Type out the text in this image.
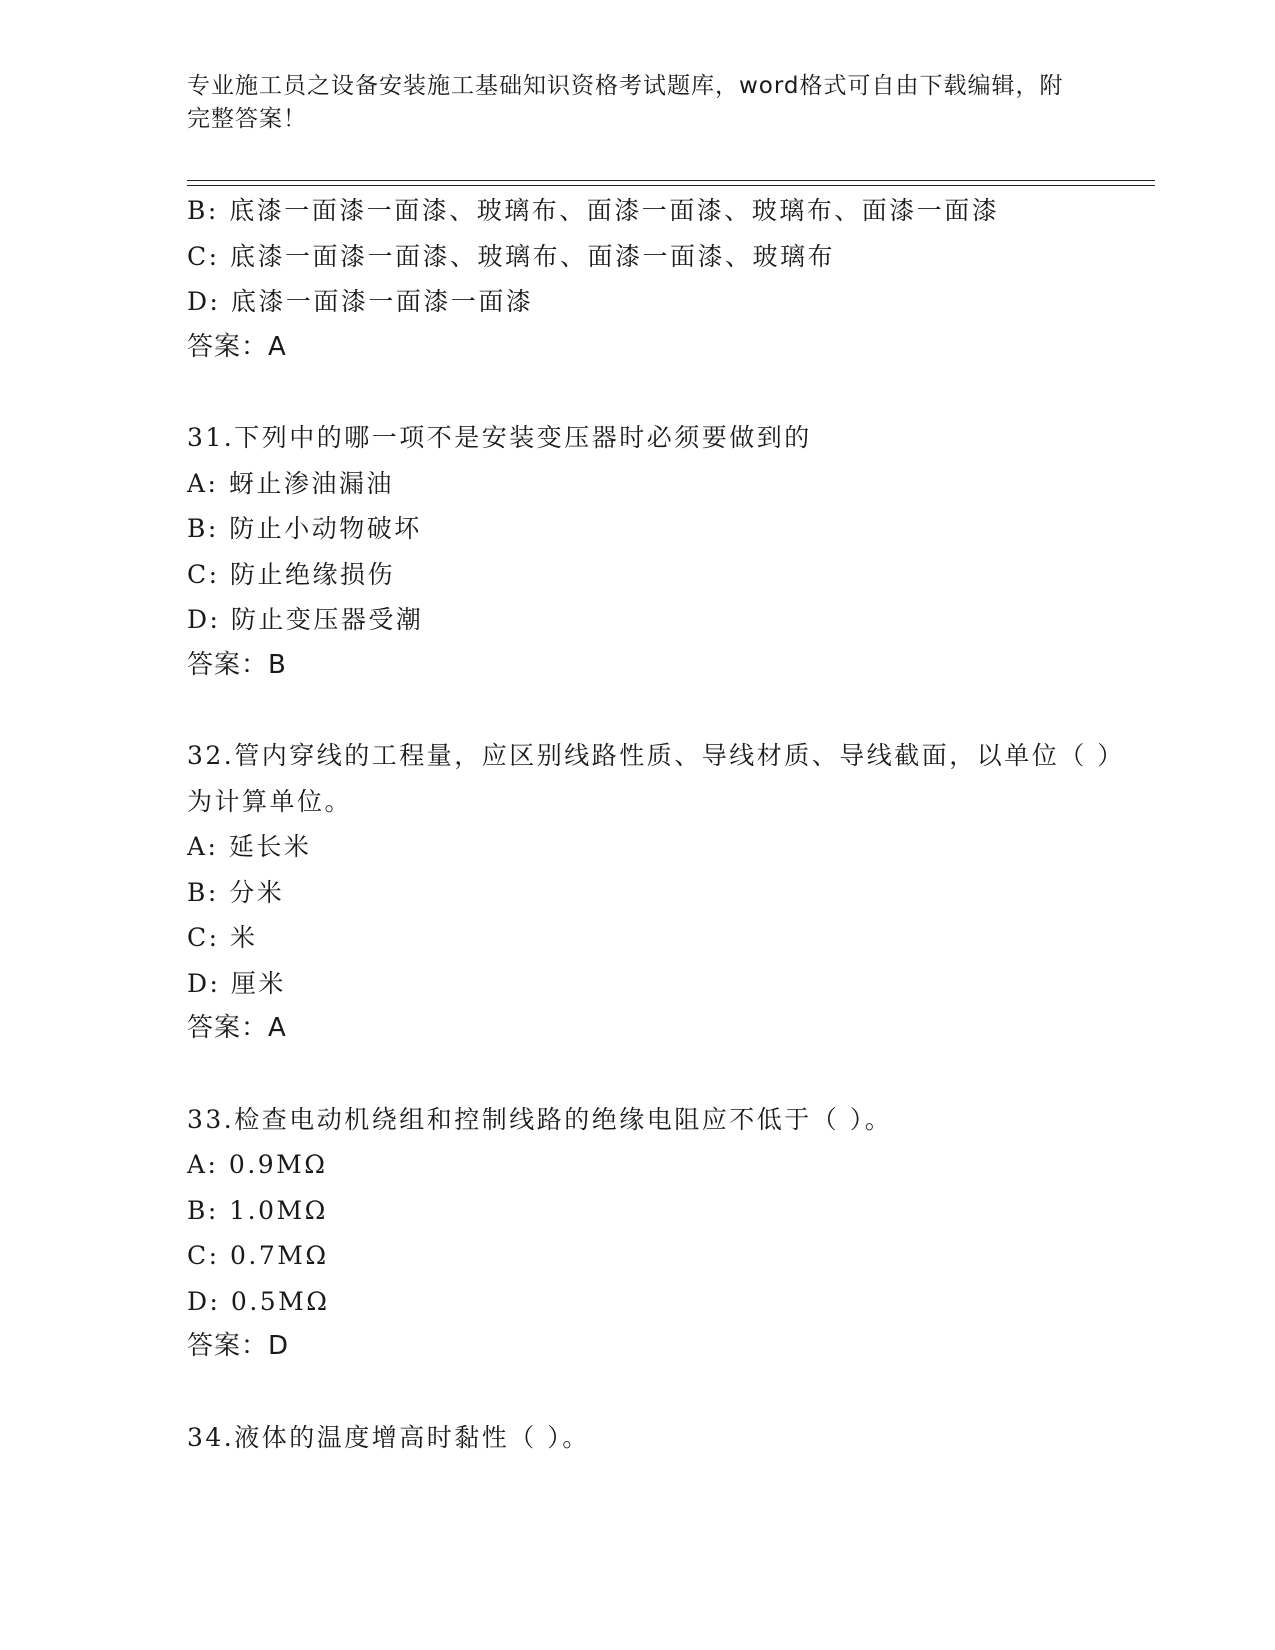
专业施工员之设备安装施工基础知识资格考试题库，word格式可自由下载编辑，附完整答案！
B: 底漆一面漆一面漆、玻璃布、面漆一面漆、玻璃布、面漆一面漆
C: 底漆一面漆一面漆、玻璃布、面漆一面漆、玻璃布
D: 底漆一面漆一面漆一面漆
答案：A
31.下列中的哪一项不是安装变压器时必须要做到的
A: 蚜止渗油漏油
B: 防止小动物破坏
C: 防止绝缘损伤
D: 防止变压器受潮
答案：B
32.管内穿线的工程量，应区别线路性质、导线材质、导线截面，以单位（ ）为计算单位。
A: 延长米
B: 分米
C: 米
D: 厘米
答案：A
33.检查电动机绕组和控制线路的绝缘电阻应不低于（ ）。
A: 0.9MΩ
B: 1.0MΩ
C: 0.7MΩ
D: 0.5MΩ
答案：D
34.液体的温度增高时黏性（ ）。
